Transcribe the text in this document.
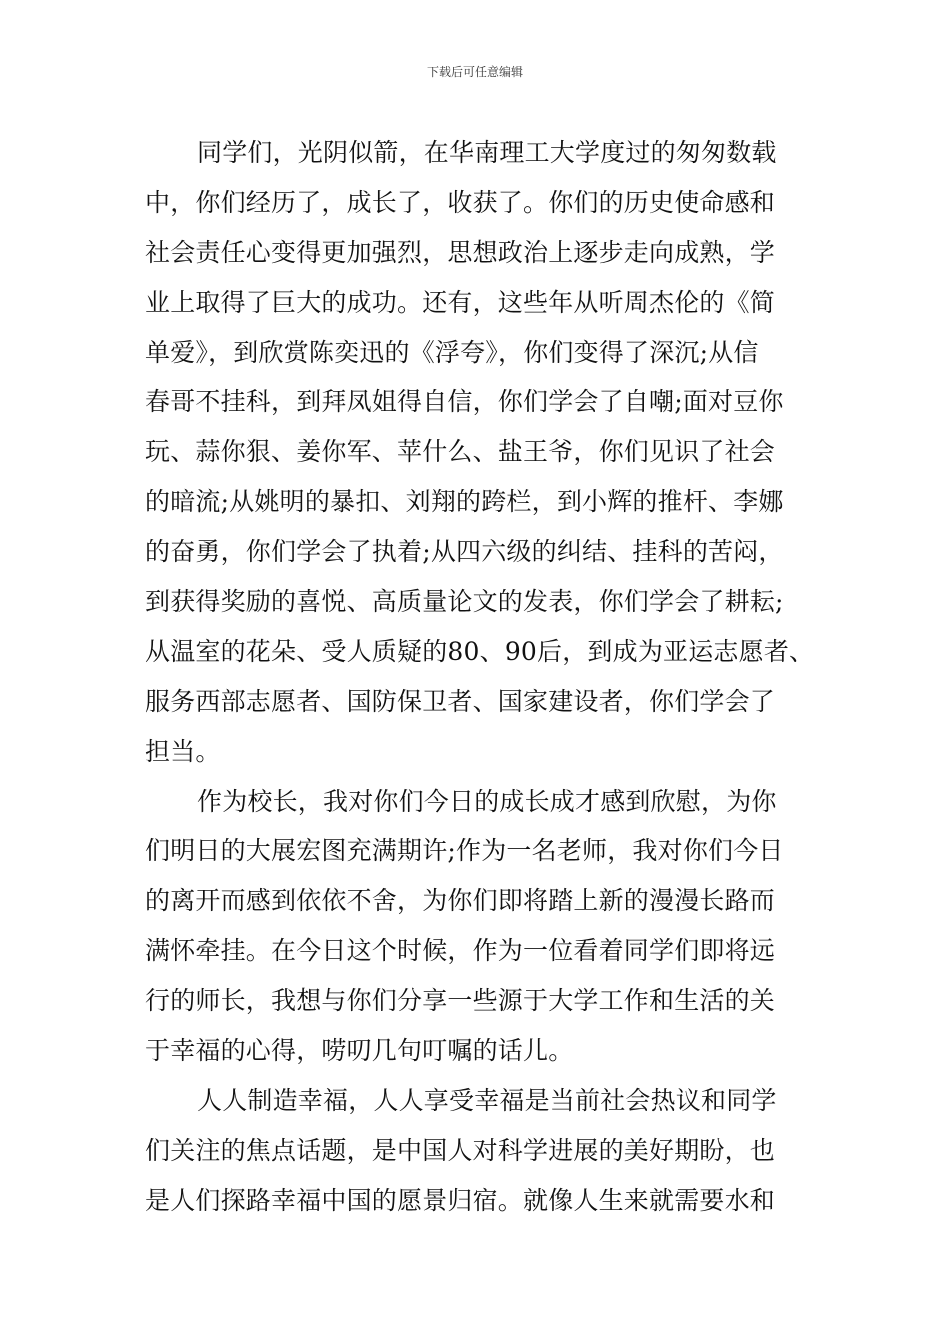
下载后可任意编辑
同学们，光阴似箭，在华南理工大学度过的匆匆数载
中，你们经历了，成长了，收获了。你们的历史使命感和
社会责任心变得更加强烈，思想政治上逐步走向成熟，学
业上取得了巨大的成功。还有，这些年从听周杰伦的《简
单爱》，到欣赏陈奕迅的《浮夸》，你们变得了深沉;从信
春哥不挂科，到拜凤姐得自信，你们学会了自嘲;面对豆你
玩、蒜你狠、姜你军、苹什么、盐王爷，你们见识了社会
的暗流;从姚明的暴扣、刘翔的跨栏，到小辉的推杆、李娜
的奋勇，你们学会了执着;从四六级的纠结、挂科的苦闷，
到获得奖励的喜悦、高质量论文的发表，你们学会了耕耘;
从温室的花朵、受人质疑的80、90后，到成为亚运志愿者、
服务西部志愿者、国防保卫者、国家建设者，你们学会了
担当。
作为校长，我对你们今日的成长成才感到欣慰，为你
们明日的大展宏图充满期许;作为一名老师，我对你们今日
的离开而感到依依不舍，为你们即将踏上新的漫漫长路而
满怀牵挂。在今日这个时候，作为一位看着同学们即将远
行的师长，我想与你们分享一些源于大学工作和生活的关
于幸福的心得，唠叨几句叮嘱的话儿。
人人制造幸福，人人享受幸福是当前社会热议和同学
们关注的焦点话题，是中国人对科学进展的美好期盼，也
是人们探路幸福中国的愿景归宿。就像人生来就需要水和
